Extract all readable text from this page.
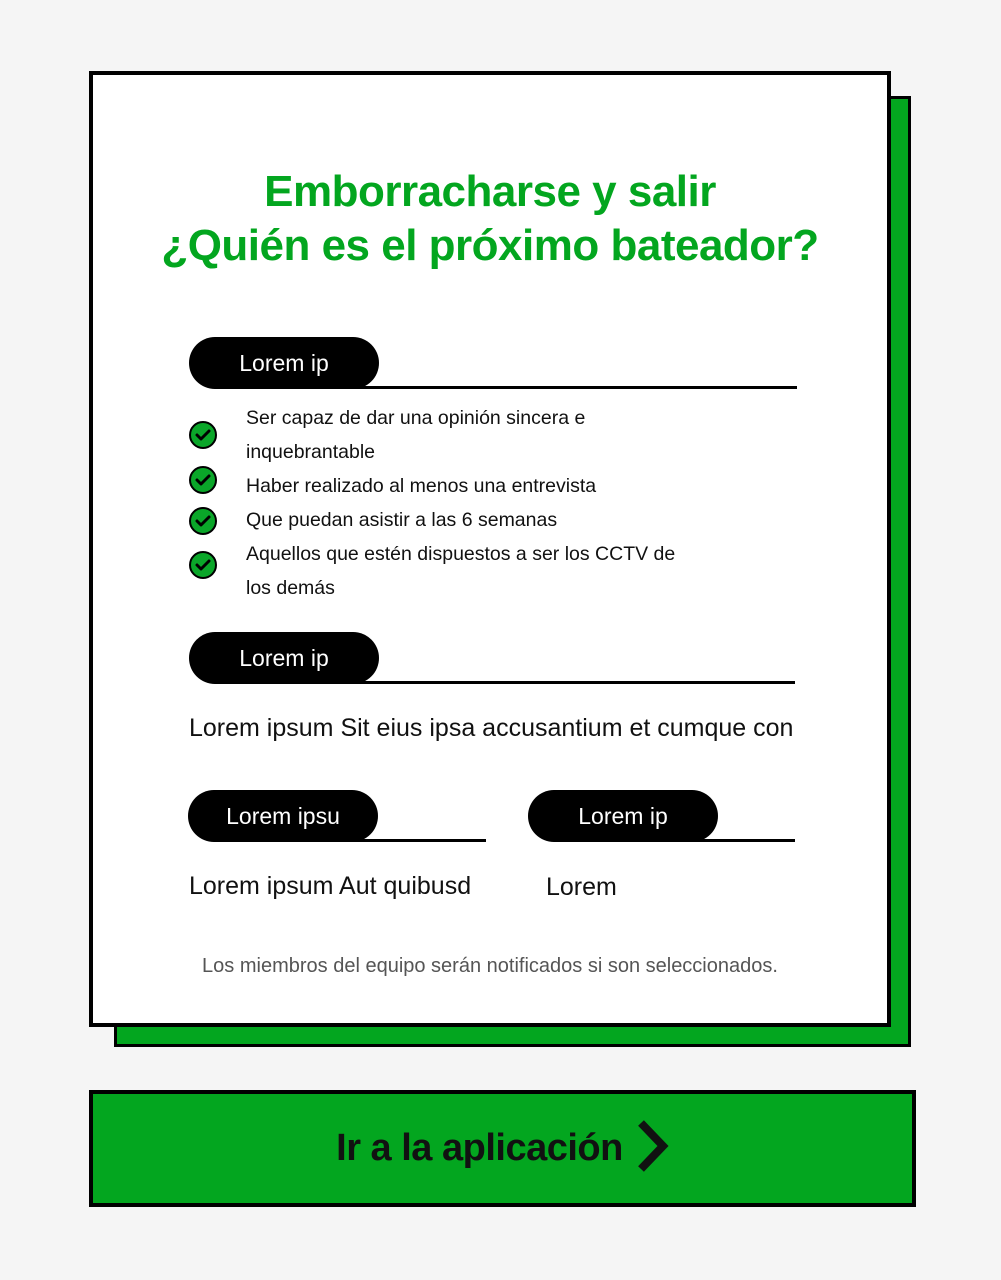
Emborracharse y salir
¿Quién es el próximo bateador?
Lorem ip
Ser capaz de dar una opinión sincera e
inquebrantable
Haber realizado al menos una entrevista
Que puedan asistir a las 6 semanas
Aquellos que estén dispuestos a ser los CCTV de
los demás
Lorem ip
Lorem ipsum Sit eius ipsa accusantium et cumque con
Lorem ipsu
Lorem ipsum Aut quibusd
Lorem ip
Lorem
Los miembros del equipo serán notificados si son seleccionados.
Ir a la aplicación
